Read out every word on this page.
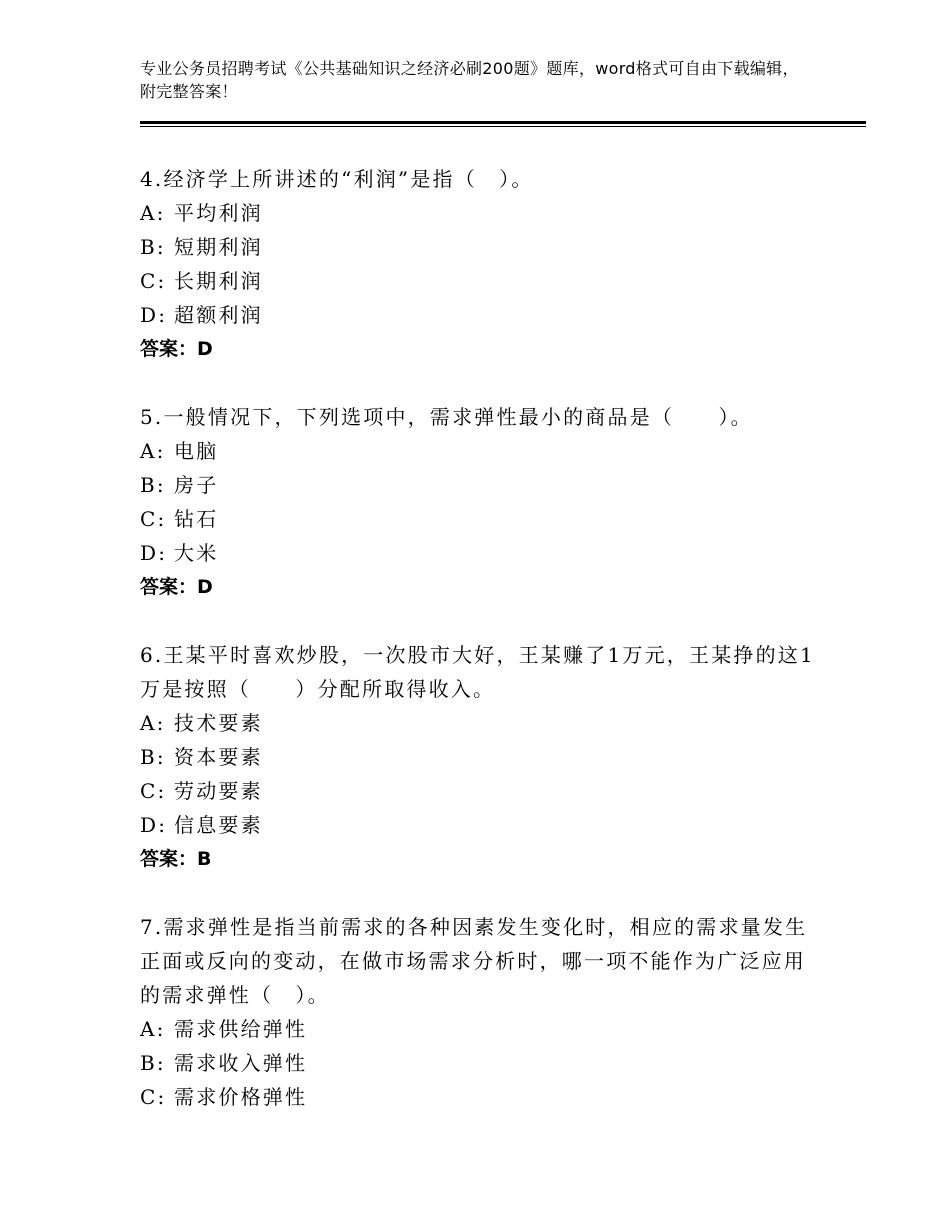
专业公务员招聘考试《公共基础知识之经济必刷200题》题库，word格式可自由下载编辑，附完整答案！

4.经济学上所讲述的“利润”是指（　）。

A: 平均利润

B: 短期利润

C: 长期利润

D: 超额利润

答案：D

5.一般情况下，下列选项中，需求弹性最小的商品是（　　）。

A: 电脑

B: 房子

C: 钻石

D: 大米

答案：D

6.王某平时喜欢炒股，一次股市大好，王某赚了1万元，王某挣的这1万是按照（　　）分配所取得收入。

A: 技术要素

B: 资本要素

C: 劳动要素

D: 信息要素

答案：B

7.需求弹性是指当前需求的各种因素发生变化时，相应的需求量发生正面或反向的变动，在做市场需求分析时，哪一项不能作为广泛应用的需求弹性（　）。

A: 需求供给弹性

B: 需求收入弹性

C: 需求价格弹性
